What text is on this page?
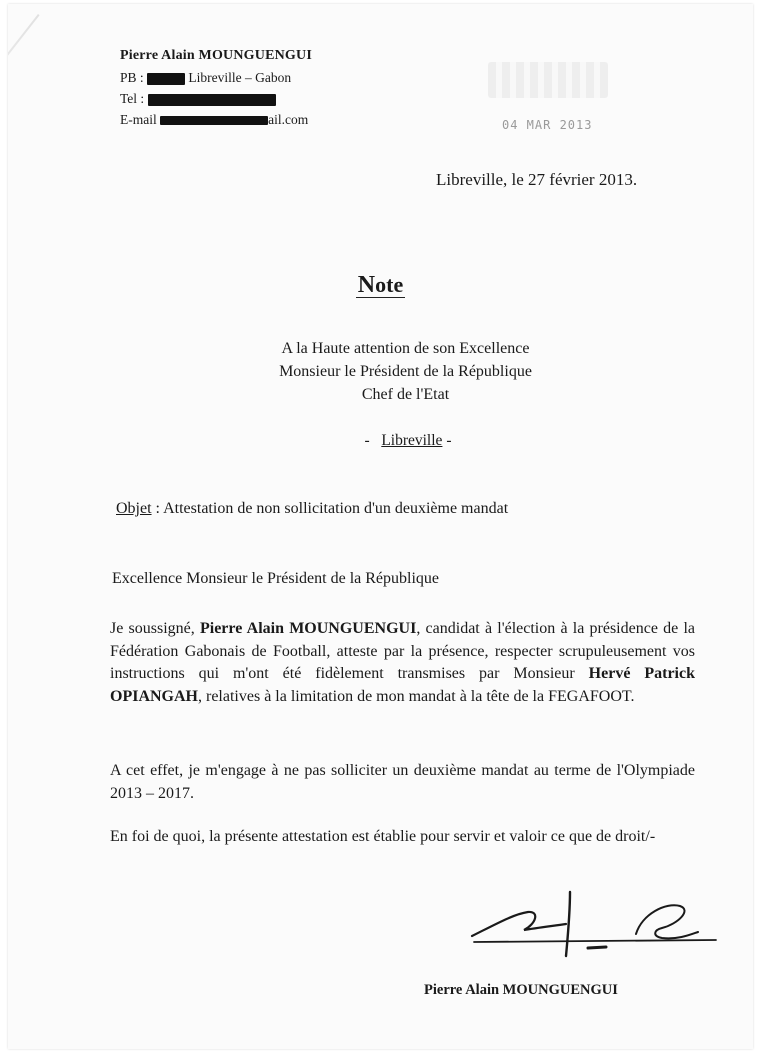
Pierre Alain MOUNGUENGUI
PB :	Libreville – Gabon
Tel :
E-mail	ail.com	04 MAR 2013
Libreville, le 27 février 2013.
Note
A la Haute attention de son Excellence
Monsieur le Président de la République
Chef de l'Etat
- Libreville -
Objet : Attestation de non sollicitation d'un deuxième mandat
Excellence Monsieur le Président de la République
Je soussigné, Pierre Alain MOUNGUENGUI, candidat à l'élection à la présidence de la Fédération Gabonais de Football, atteste par la présence, respecter scrupuleusement vos instructions qui m'ont été fidèlement transmises par Monsieur Hervé Patrick OPIANGAH, relatives à la limitation de mon mandat à la tête de la FEGAFOOT.
A cet effet, je m'engage à ne pas solliciter un deuxième mandat au terme de l'Olympiade 2013 – 2017.
En foi de quoi, la présente attestation est établie pour servir et valoir ce que de droit/-
Pierre Alain MOUNGUENGUI
